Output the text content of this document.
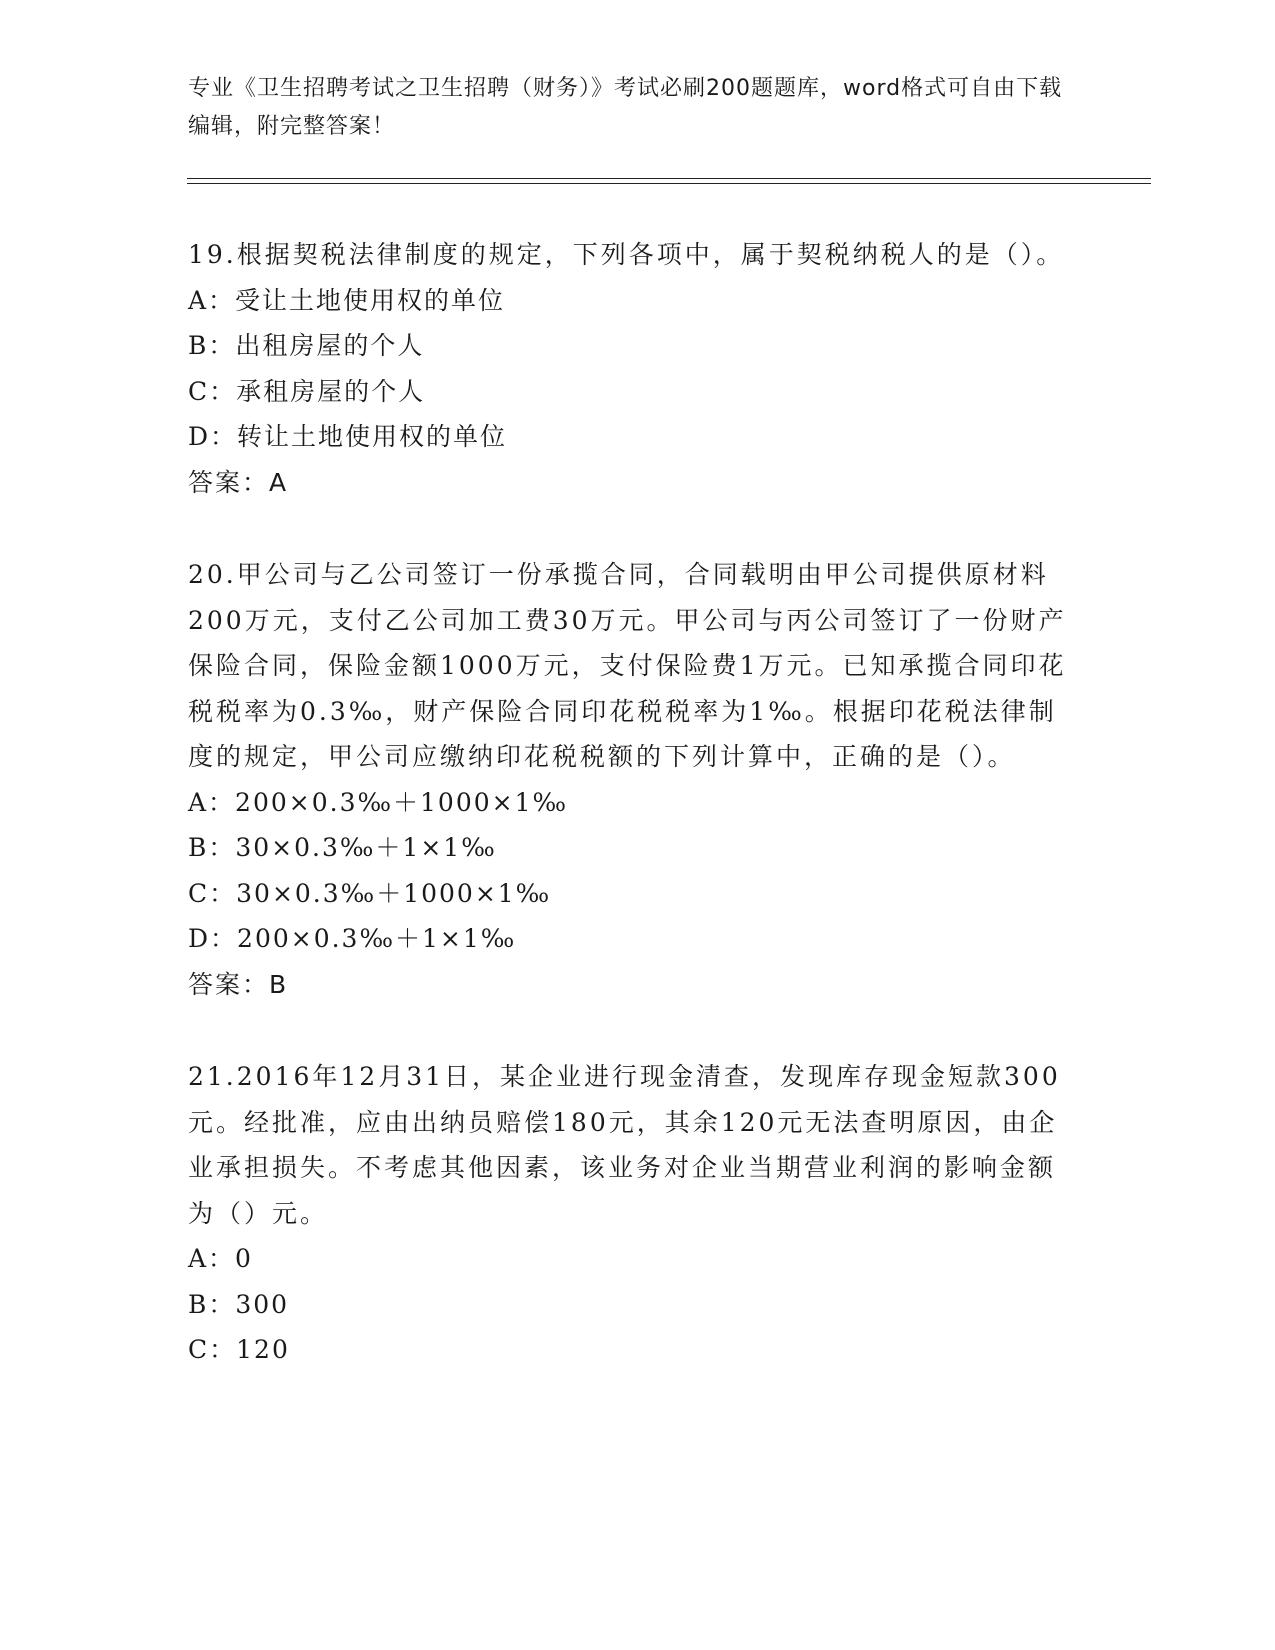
专业《卫生招聘考试之卫生招聘（财务）》考试必刷200题题库，word格式可自由下载编辑，附完整答案！
19.根据契税法律制度的规定，下列各项中，属于契税纳税人的是（）。
A：受让土地使用权的单位
B：出租房屋的个人
C：承租房屋的个人
D：转让土地使用权的单位
答案：A
20.甲公司与乙公司签订一份承揽合同，合同载明由甲公司提供原材料200万元，支付乙公司加工费30万元。甲公司与丙公司签订了一份财产保险合同，保险金额1000万元，支付保险费1万元。已知承揽合同印花税税率为0.3‰，财产保险合同印花税税率为1‰。根据印花税法律制度的规定，甲公司应缴纳印花税税额的下列计算中，正确的是（）。
A：200×0.3‰＋1000×1‰
B：30×0.3‰＋1×1‰
C：30×0.3‰＋1000×1‰
D：200×0.3‰＋1×1‰
答案：B
21.2016年12月31日，某企业进行现金清查，发现库存现金短款300元。经批准，应由出纳员赔偿180元，其余120元无法查明原因，由企业承担损失。不考虑其他因素，该业务对企业当期营业利润的影响金额为（）元。
A：0
B：300
C：120
